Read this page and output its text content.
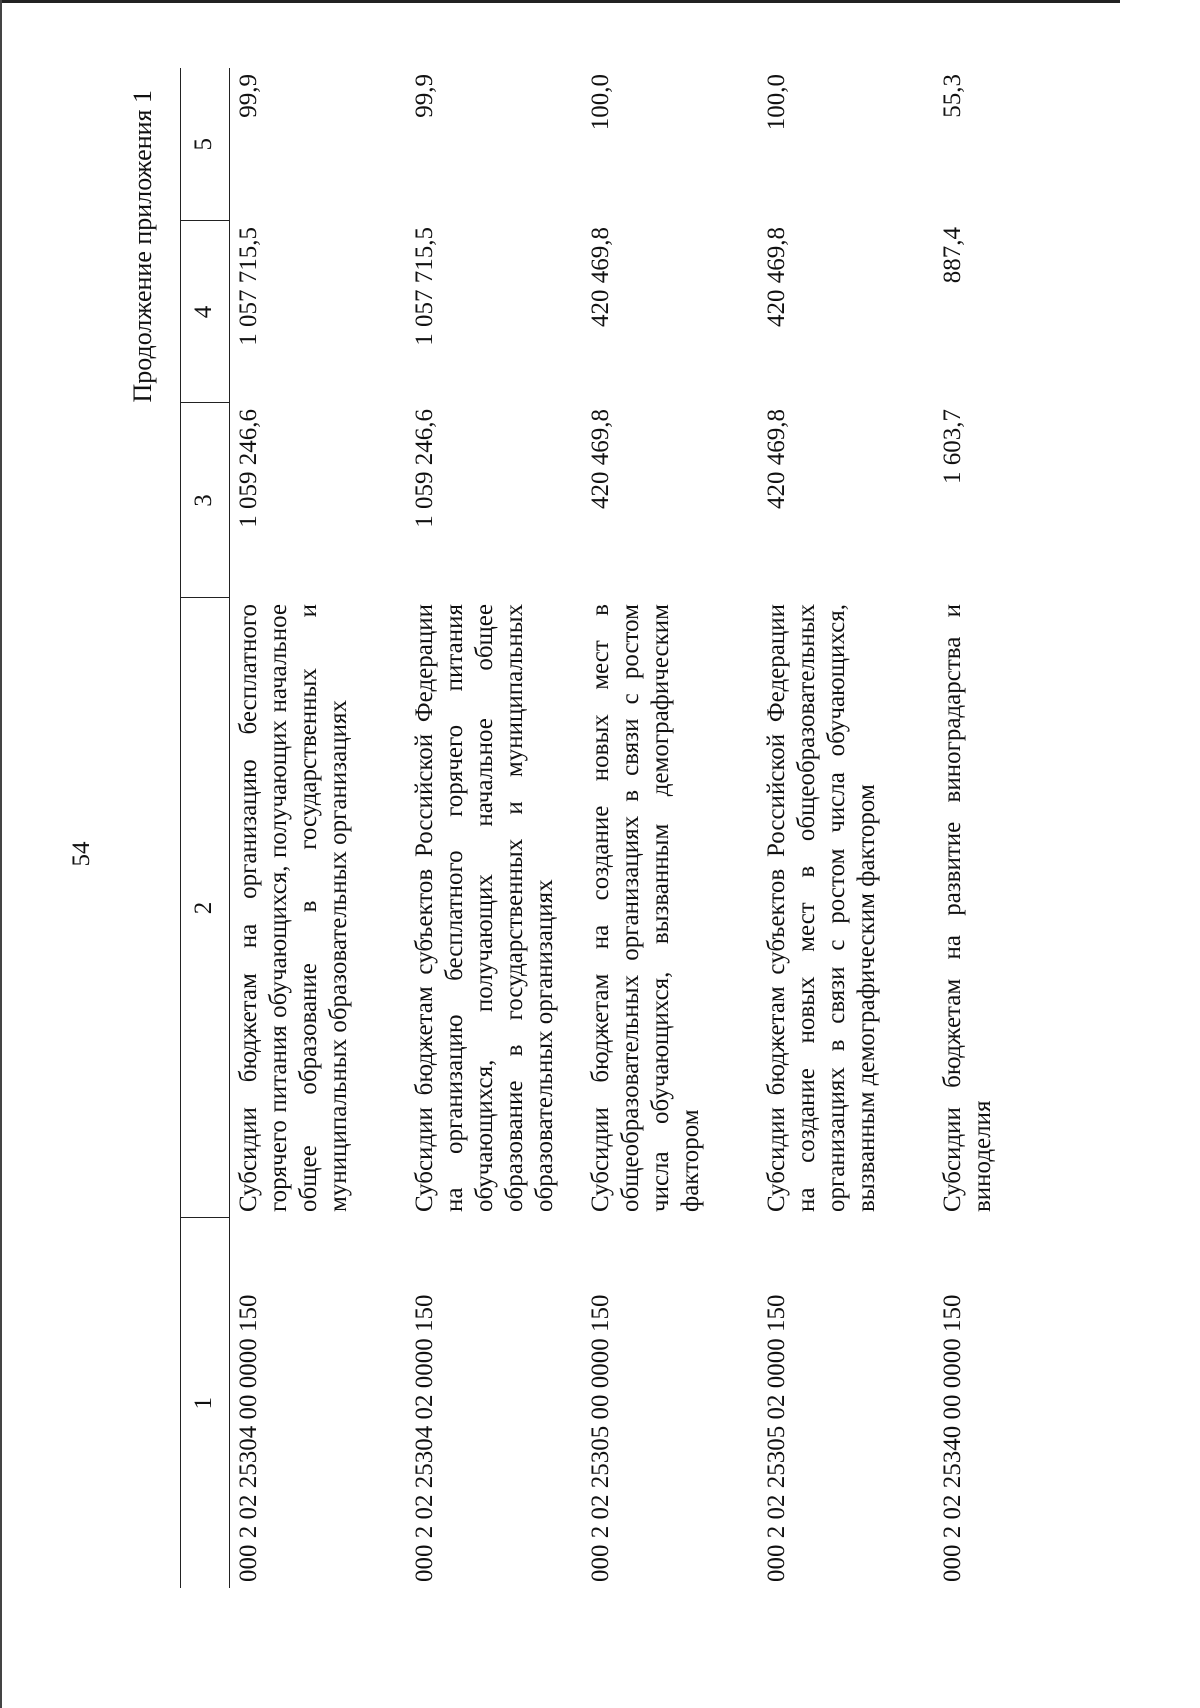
54
Продолжение приложения 1
1	2	3	4	5
000 2 02 25304 00 0000 150	Субсидии бюджетам на организацию бесплатного горячего питания обучающихся, получающих начальное общее образование в государственных и муниципальных образовательных организациях	1 059 246,6	1 057 715,5	99,9
000 2 02 25304 02 0000 150	Субсидии бюджетам субъектов Российской Федерации на организацию бесплатного горячего питания обучающихся, получающих начальное общее образование в государственных и муниципальных образовательных организациях	1 059 246,6	1 057 715,5	99,9
000 2 02 25305 00 0000 150	Субсидии бюджетам на создание новых мест в общеобразовательных организациях в связи с ростом числа обучающихся, вызванным демографическим фактором	420 469,8	420 469,8	100,0
000 2 02 25305 02 0000 150	Субсидии бюджетам субъектов Российской Федерации на создание новых мест в общеобразовательных организациях в связи с ростом числа обучающихся, вызванным демографическим фактором	420 469,8	420 469,8	100,0
000 2 02 25340 00 0000 150	Субсидии бюджетам на развитие виноградарства и виноделия	1 603,7	887,4	55,3
